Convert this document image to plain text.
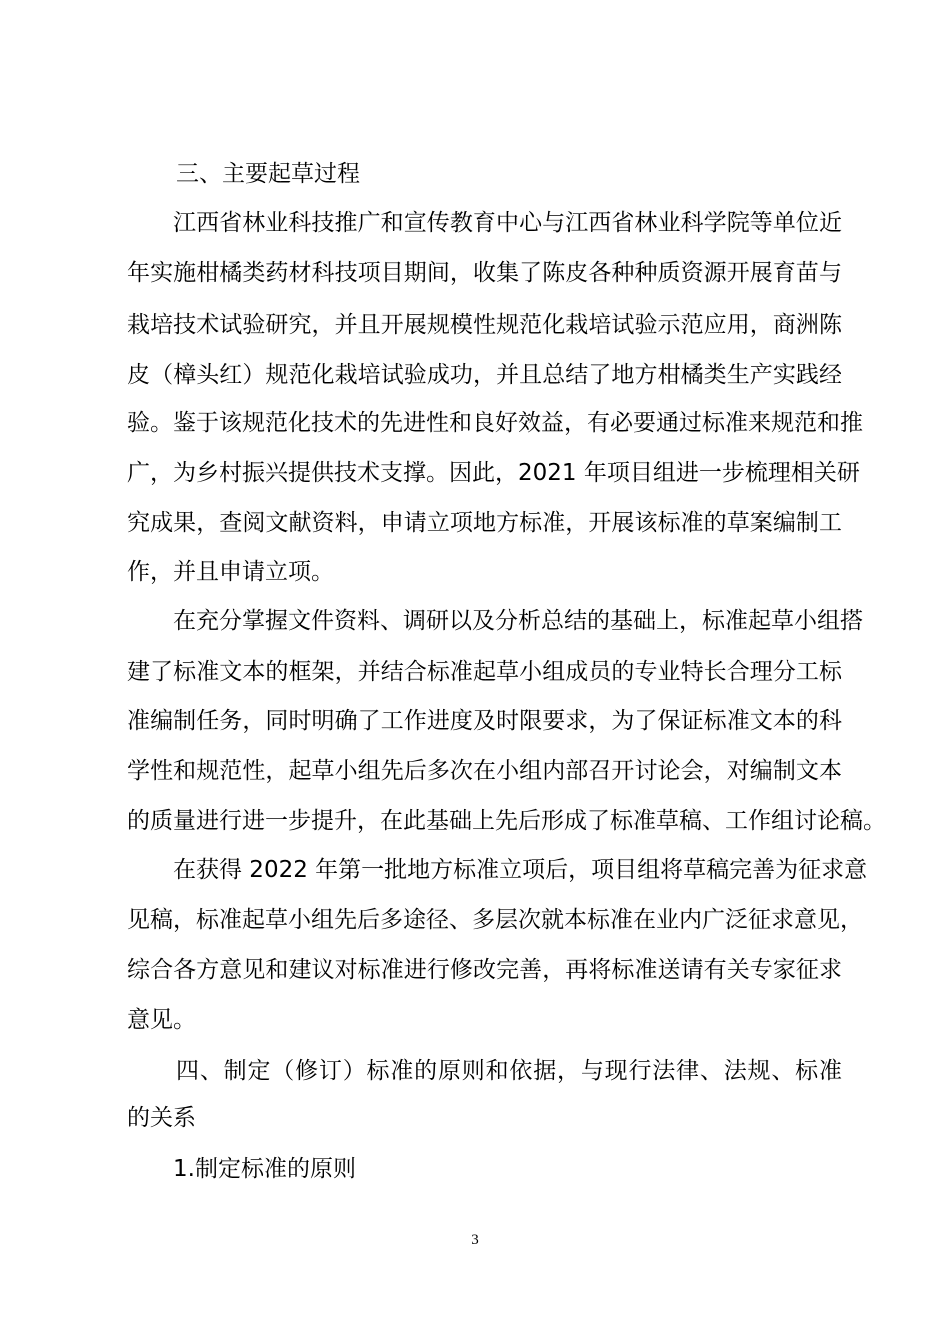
三、主要起草过程
江西省林业科技推广和宣传教育中心与江西省林业科学院等单位近
年实施柑橘类药材科技项目期间，收集了陈皮各种种质资源开展育苗与
栽培技术试验研究，并且开展规模性规范化栽培试验示范应用，商洲陈
皮（樟头红）规范化栽培试验成功，并且总结了地方柑橘类生产实践经
验。鉴于该规范化技术的先进性和良好效益，有必要通过标准来规范和推
广，为乡村振兴提供技术支撑。因此，2021 年项目组进一步梳理相关研
究成果，查阅文献资料，申请立项地方标准，开展该标准的草案编制工
作，并且申请立项。
在充分掌握文件资料、调研以及分析总结的基础上，标准起草小组搭
建了标准文本的框架，并结合标准起草小组成员的专业特长合理分工标
准编制任务，同时明确了工作进度及时限要求，为了保证标准文本的科
学性和规范性，起草小组先后多次在小组内部召开讨论会，对编制文本
的质量进行进一步提升，在此基础上先后形成了标准草稿、工作组讨论稿。
在获得 2022 年第一批地方标准立项后，项目组将草稿完善为征求意
见稿，标准起草小组先后多途径、多层次就本标准在业内广泛征求意见，
综合各方意见和建议对标准进行修改完善，再将标准送请有关专家征求
意见。
四、制定（修订）标准的原则和依据，与现行法律、法规、标准
的关系
1.制定标准的原则
3
